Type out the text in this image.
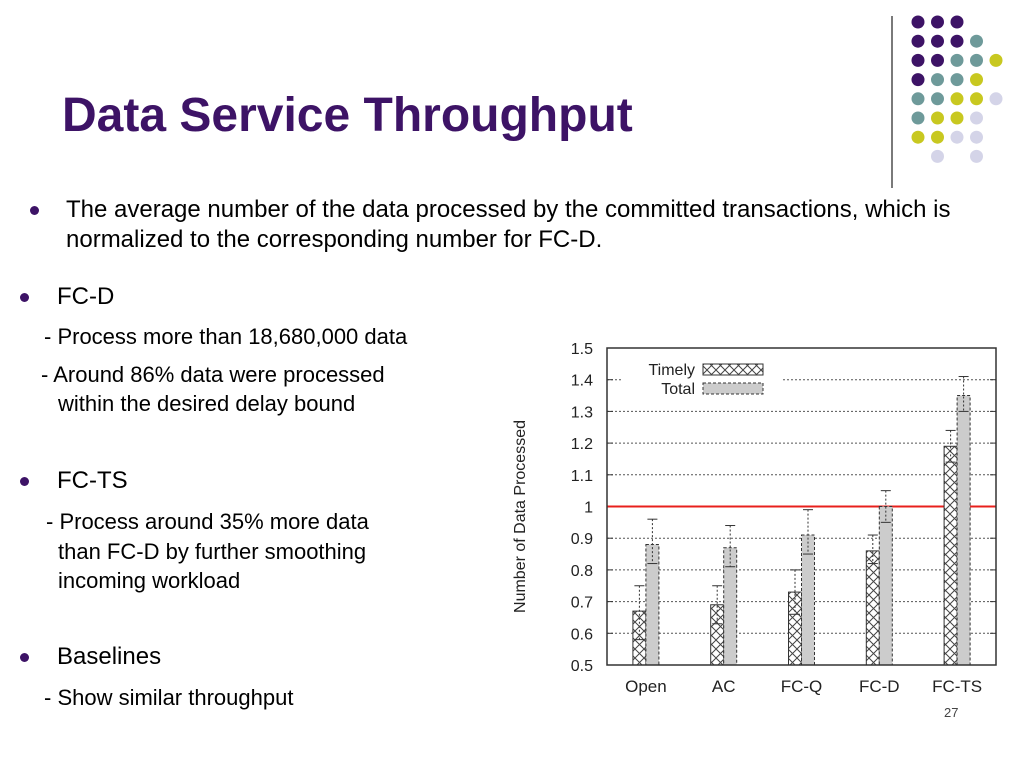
Data Service Throughput
The average number of the data processed by the committed transactions, which is normalized to the corresponding number for FC-D.
FC-D
- Process more than 18,680,000 data
- Around 86% data were processed
within the desired delay bound
FC-TS
- Process around 35% more data
than FC-D by further smoothing
incoming workload
Baselines
- Show similar throughput
0.5
0.6
0.7
0.8
0.9
1
1.1
1.2
1.3
1.4
1.5
Open	AC	FC-Q FC-D FC-TS
Timely
Total
Number of Data Processed
27
